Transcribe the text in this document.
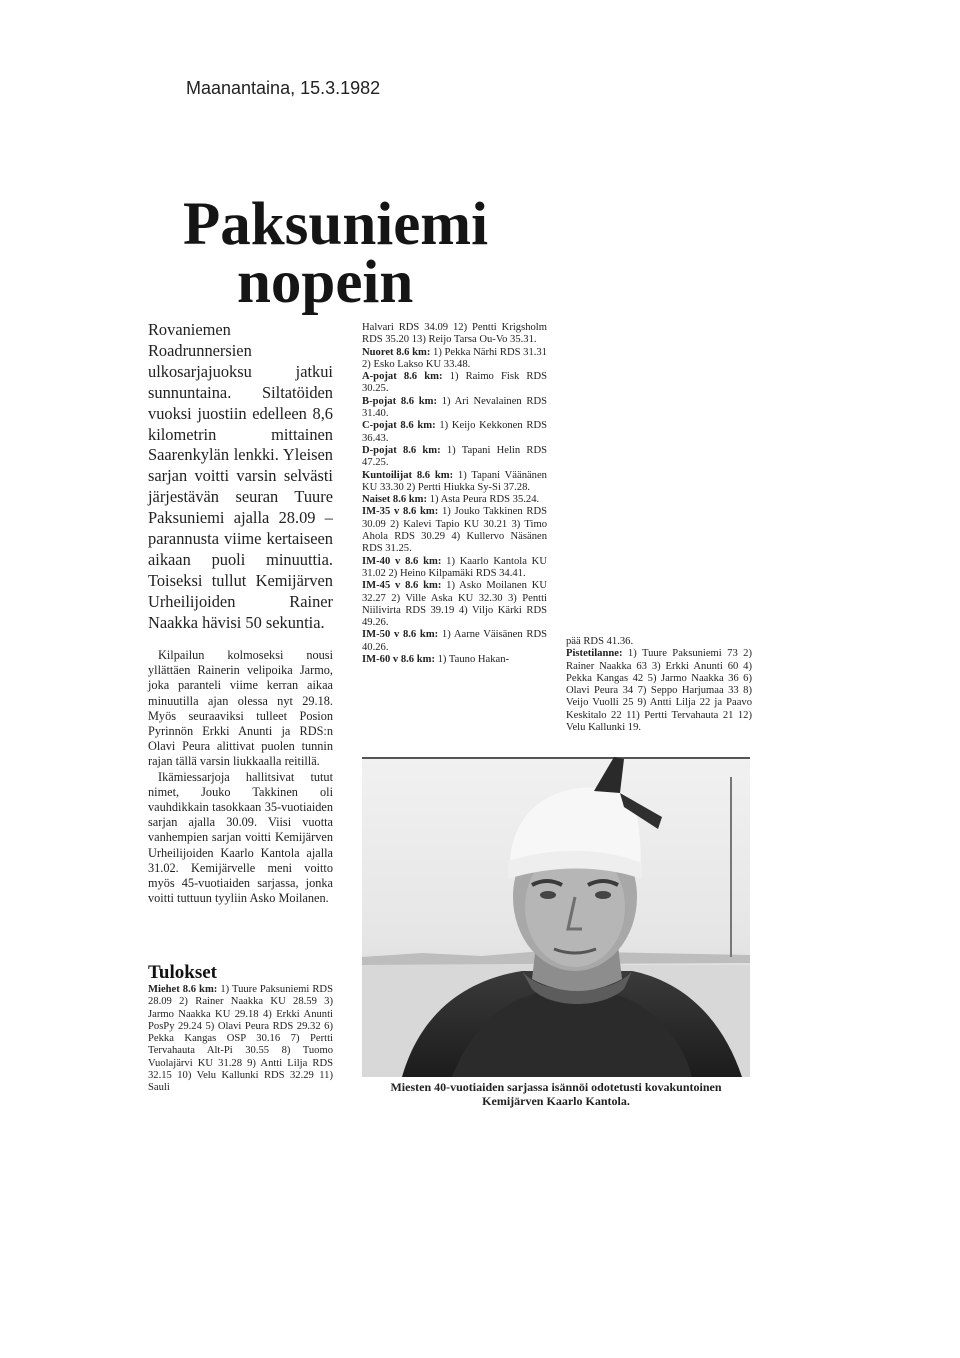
Maanantaina, 15.3.1982
Paksuniemi
nopein
Rovaniemen Roadrunnersien ulkosarjajuoksu jatkui sunnuntaina. Siltatöiden vuoksi juostiin edelleen 8,6 kilometrin mittainen Saarenkylän lenkki. Yleisen sarjan voitti varsin selvästi järjestävän seuran Tuure Paksuniemi ajalla 28.09 – parannusta viime kertaiseen aikaan puoli minuuttia. Toiseksi tullut Kemijärven Urheilijoiden Rainer Naakka hävisi 50 sekuntia.

Kilpailun kolmoseksi nousi yllättäen Rainerin velipoika Jarmo, joka paranteli viime kerran aikaa minuutilla ajan olessa nyt 29.18. Myös seuraaviksi tulleet Posion Pyrinnön Erkki Anunti ja RDS:n Olavi Peura alittivat puolen tunnin rajan tällä varsin liukkaalla reitillä.

Ikämiessarjoja hallitsivat tutut nimet, Jouko Takkinen oli vauhdikkain tasokkaan 35-vuotiaiden sarjan ajalla 30.09. Viisi vuotta vanhempien sarjan voitti Kemijärven Urheilijoiden Kaarlo Kantola ajalla 31.02. Kemijärvelle meni voitto myös 45-vuotiaiden sarjassa, jonka voitti tuttuun tyyliin Asko Moilanen.

Tulokset
Miehet 8.6 km: 1) Tuure Paksuniemi RDS 28.09 2) Rainer Naakka KU 28.59 3) Jarmo Naakka KU 29.18 4) Erkki Anunti PosPy 29.24 5) Olavi Peura RDS 29.32 6) Pekka Kangas OSP 30.16 7) Pertti Tervahauta Alt-Pi 30.55 8) Tuomo Vuolajärvi KU 31.28 9) Antti Lilja RDS 32.15 10) Velu Kallunki RDS 32.29 11) Sauli
Halvari RDS 34.09 12) Pentti Krigsholm RDS 35.20 13) Reijo Tarsa Ou-Vo 35.31.
Nuoret 8.6 km: 1) Pekka Närhi RDS 31.31 2) Esko Lakso KU 33.48.
A-pojat 8.6 km: 1) Raimo Fisk RDS 30.25.
B-pojat 8.6 km: 1) Ari Nevalainen RDS 31.40.
C-pojat 8.6 km: 1) Keijo Kekkonen RDS 36.43.
D-pojat 8.6 km: 1) Tapani Helin RDS 47.25.
Kuntoilijat 8.6 km: 1) Tapani Väänänen KU 33.30 2) Pertti Hiukka Sy-Si 37.28.
Naiset 8.6 km: 1) Asta Peura RDS 35.24.
IM-35 v 8.6 km: 1) Jouko Takkinen RDS 30.09 2) Kalevi Tapio KU 30.21 3) Timo Ahola RDS 30.29 4) Kullervo Näsänen RDS 31.25.
IM-40 v 8.6 km: 1) Kaarlo Kantola KU 31.02 2) Heino Kilpamäki RDS 34.41.
IM-45 v 8.6 km: 1) Asko Moilanen KU 32.27 2) Ville Aska KU 32.30 3) Pentti Niilivirta RDS 39.19 4) Viljo Kärki RDS 49.26.
IM-50 v 8.6 km: 1) Aarne Väisänen RDS 40.26.
IM-60 v 8.6 km: 1) Tauno Hakan-
pää RDS 41.36.
Pistetilanne: 1) Tuure Paksuniemi 73 2) Rainer Naakka 63 3) Erkki Anunti 60 4) Pekka Kangas 42 5) Jarmo Naakka 36 6) Olavi Peura 34 7) Seppo Harjumaa 33 8) Veijo Vuolli 25 9) Antti Lilja 22 ja Paavo Keskitalo 22 11) Pertti Tervahauta 21 12) Velu Kallunki 19.
Miesten 40-vuotiaiden sarjassa isännöi odotetusti kovakuntoinen Kemijärven Kaarlo Kantola.
